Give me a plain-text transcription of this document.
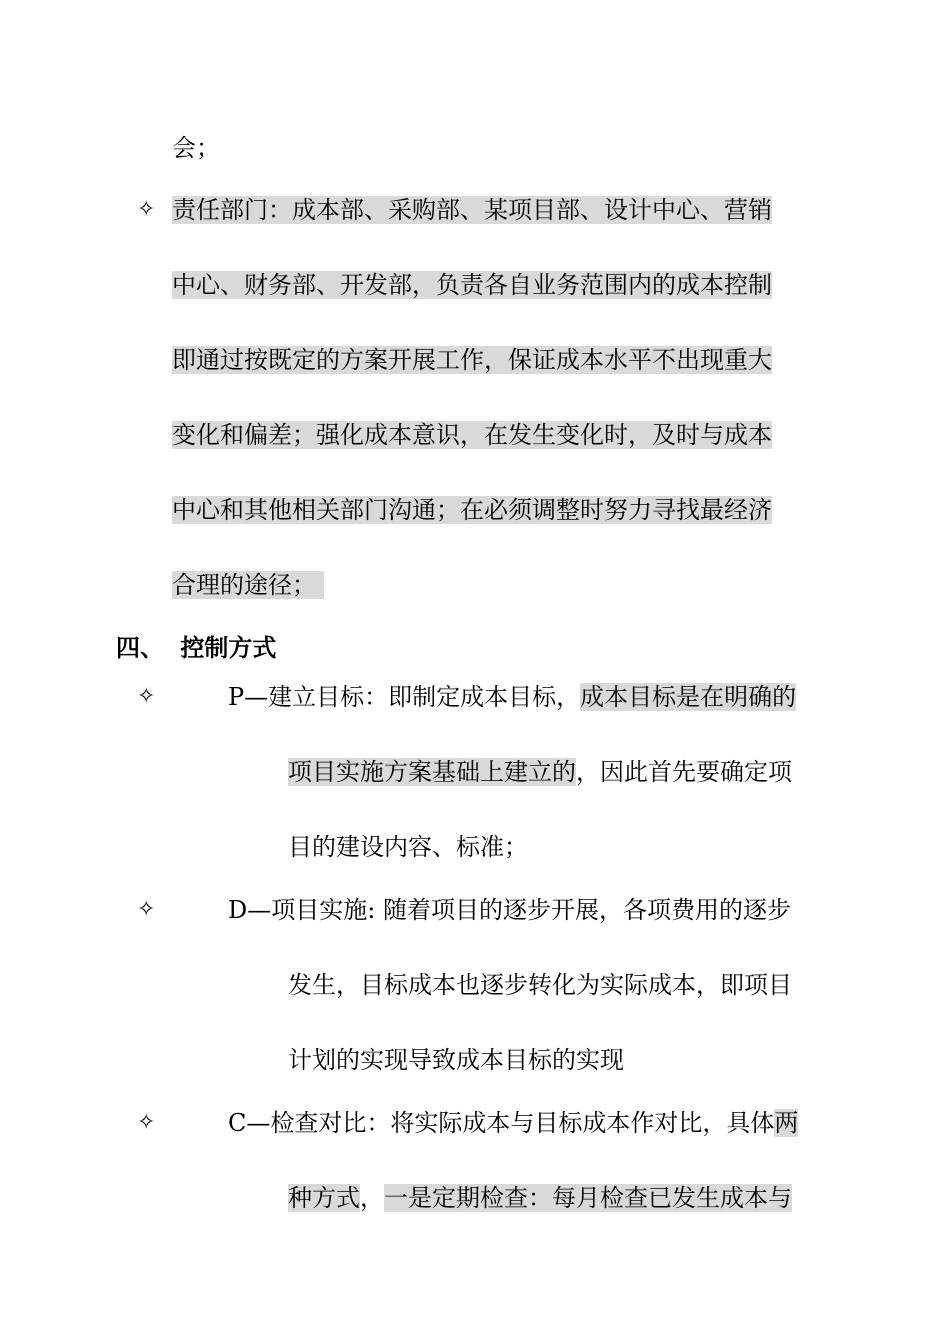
会；
✧ 责任部门：成本部、采购部、某项目部、设计中心、营销
中心、财务部、开发部，负责各自业务范围内的成本控制
即通过按既定的方案开展工作，保证成本水平不出现重大
变化和偏差；强化成本意识，在发生变化时，及时与成本
中心和其他相关部门沟通；在必须调整时努力寻找最经济
合理的途径；
四、 控制方式
✧	P—建立目标：即制定成本目标，成本目标是在明确的
项目实施方案基础上建立的，因此首先要确定项
目的建设内容、标准；
✧	D—项目实施: 随着项目的逐步开展，各项费用的逐步
发生，目标成本也逐步转化为实际成本，即项目
计划的实现导致成本目标的实现
✧	C—检查对比：将实际成本与目标成本作对比，具体两
种方式，一是定期检查：每月检查已发生成本与
